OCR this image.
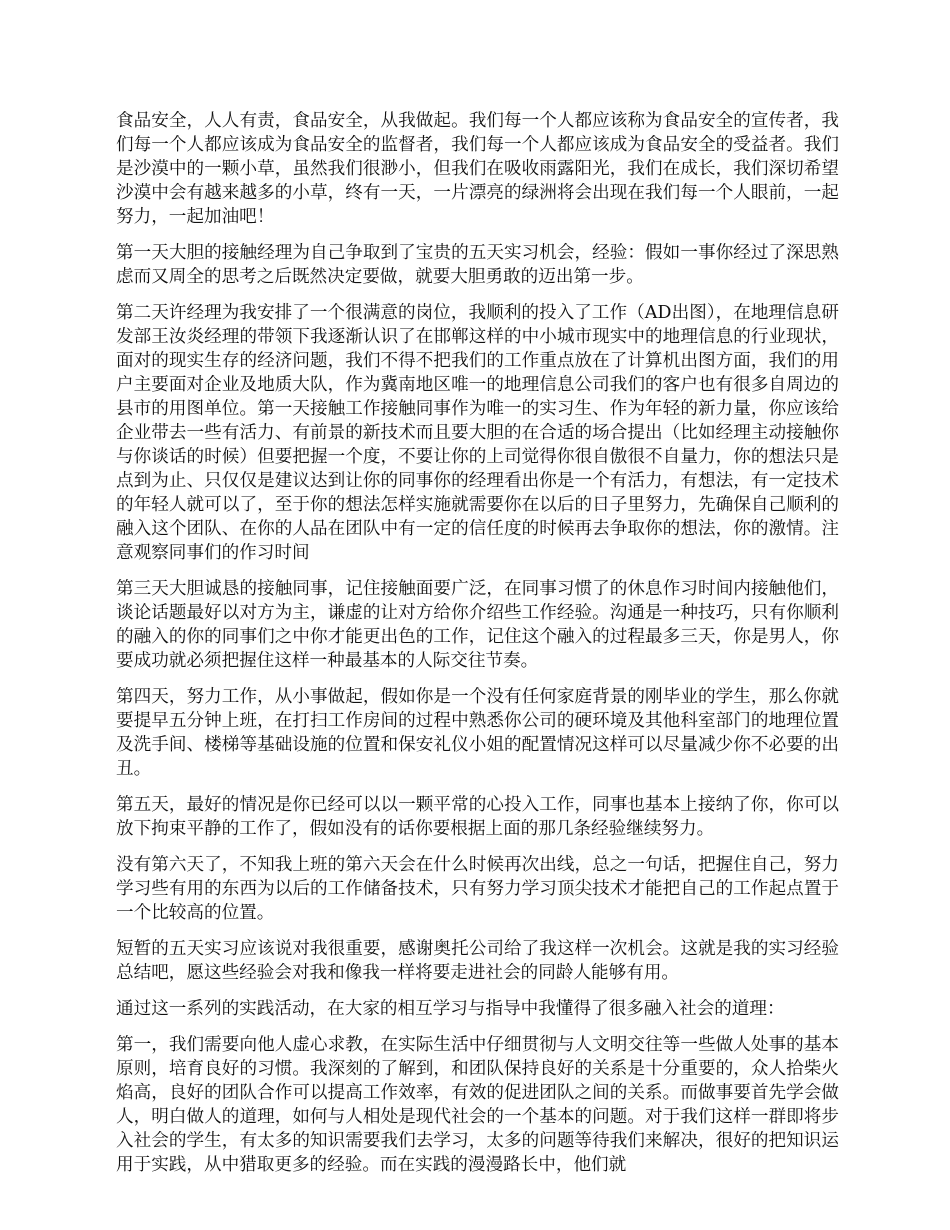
食品安全，人人有责，食品安全，从我做起。我们每一个人都应该称为食品安全的宣传者，我们每一个人都应该成为食品安全的监督者，我们每一个人都应该成为食品安全的受益者。我们是沙漠中的一颗小草，虽然我们很渺小，但我们在吸收雨露阳光，我们在成长，我们深切希望沙漠中会有越来越多的小草，终有一天，一片漂亮的绿洲将会出现在我们每一个人眼前，一起努力，一起加油吧！

第一天大胆的接触经理为自己争取到了宝贵的五天实习机会，经验：假如一事你经过了深思熟虑而又周全的思考之后既然决定要做，就要大胆勇敢的迈出第一步。

第二天许经理为我安排了一个很满意的岗位，我顺利的投入了工作（AD出图），在地理信息研发部王汝炎经理的带领下我逐渐认识了在邯郸这样的中小城市现实中的地理信息的行业现状，面对的现实生存的经济问题，我们不得不把我们的工作重点放在了计算机出图方面，我们的用户主要面对企业及地质大队，作为冀南地区唯一的地理信息公司我们的客户也有很多自周边的县市的用图单位。第一天接触工作接触同事作为唯一的实习生、作为年轻的新力量，你应该给企业带去一些有活力、有前景的新技术而且要大胆的在合适的场合提出（比如经理主动接触你与你谈话的时候）但要把握一个度，不要让你的上司觉得你很自傲很不自量力，你的想法只是点到为止、只仅仅是建议达到让你的同事你的经理看出你是一个有活力，有想法，有一定技术的年轻人就可以了，至于你的想法怎样实施就需要你在以后的日子里努力，先确保自己顺利的融入这个团队、在你的人品在团队中有一定的信任度的时候再去争取你的想法，你的激情。注意观察同事们的作习时间

第三天大胆诚恳的接触同事，记住接触面要广泛，在同事习惯了的休息作习时间内接触他们，谈论话题最好以对方为主，谦虚的让对方给你介绍些工作经验。沟通是一种技巧，只有你顺利的融入的你的同事们之中你才能更出色的工作，记住这个融入的过程最多三天，你是男人，你要成功就必须把握住这样一种最基本的人际交往节奏。

第四天，努力工作，从小事做起，假如你是一个没有任何家庭背景的刚毕业的学生，那么你就要提早五分钟上班，在打扫工作房间的过程中熟悉你公司的硬环境及其他科室部门的地理位置及洗手间、楼梯等基础设施的位置和保安礼仪小姐的配置情况这样可以尽量减少你不必要的出丑。

第五天，最好的情况是你已经可以以一颗平常的心投入工作，同事也基本上接纳了你，你可以放下拘束平静的工作了，假如没有的话你要根据上面的那几条经验继续努力。

没有第六天了，不知我上班的第六天会在什么时候再次出线，总之一句话，把握住自己，努力学习些有用的东西为以后的工作储备技术，只有努力学习顶尖技术才能把自己的工作起点置于一个比较高的位置。

短暂的五天实习应该说对我很重要，感谢奥托公司给了我这样一次机会。这就是我的实习经验总结吧，愿这些经验会对我和像我一样将要走进社会的同龄人能够有用。

通过这一系列的实践活动，在大家的相互学习与指导中我懂得了很多融入社会的道理：

第一，我们需要向他人虚心求教，在实际生活中仔细贯彻与人文明交往等一些做人处事的基本原则，培育良好的习惯。我深刻的了解到，和团队保持良好的关系是十分重要的，众人拾柴火焰高，良好的团队合作可以提高工作效率，有效的促进团队之间的关系。而做事要首先学会做人，明白做人的道理，如何与人相处是现代社会的一个基本的问题。对于我们这样一群即将步入社会的学生，有太多的知识需要我们去学习，太多的问题等待我们来解决，很好的把知识运用于实践，从中猎取更多的经验。而在实践的漫漫路长中，他们就
